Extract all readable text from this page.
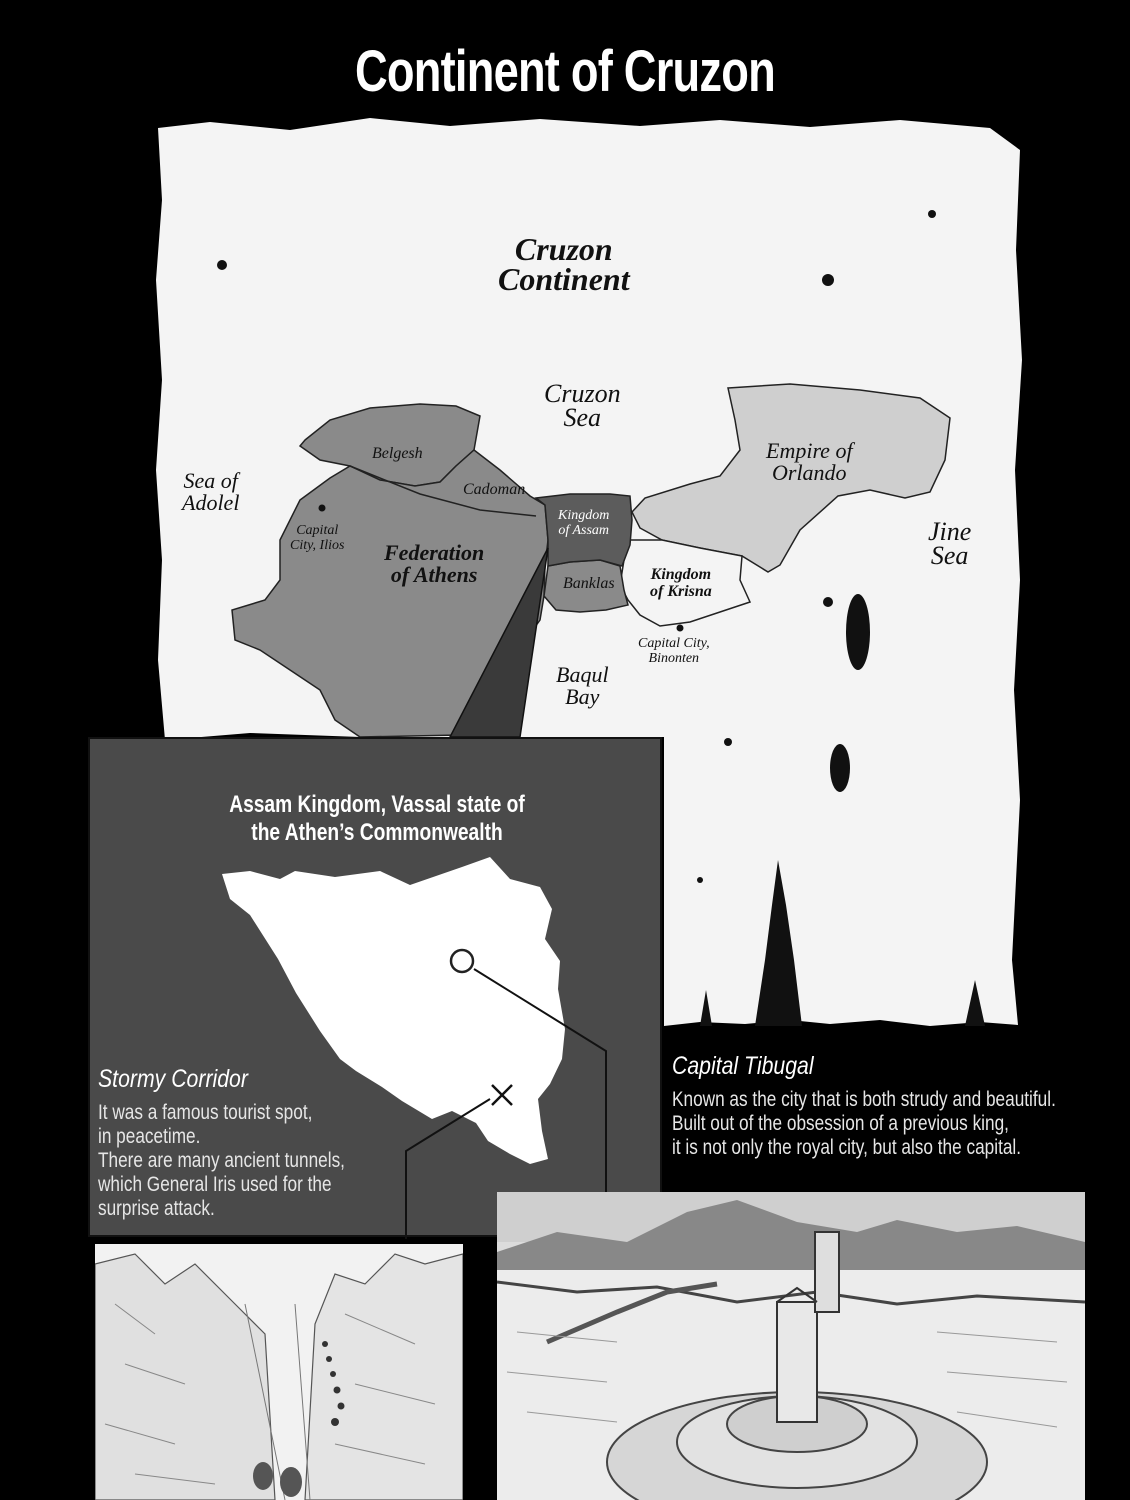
Continent of Cruzon
Cruzon
Continent
Cruzon
Sea
Sea of
Adolel
Jine
Sea
Baqul
Bay
Belgesh
Cadoman
Federation
of Athens
Kingdom
of Assam
Banklas
Kingdom
of Krisna
Empire of
Orlando
Capital
City, Ilios
Capital City,
Binonten
Assam Kingdom, Vassal state of
the Athen’s Commonwealth
Stormy Corridor
It was a famous tourist spot,
in peacetime.
There are many ancient tunnels,
which General Iris used for the
surprise attack.
Capital Tibugal
Known as the city that is both strudy and beautiful.
Built out of the obsession of a previous king,
it is not only the royal city, but also the capital.
